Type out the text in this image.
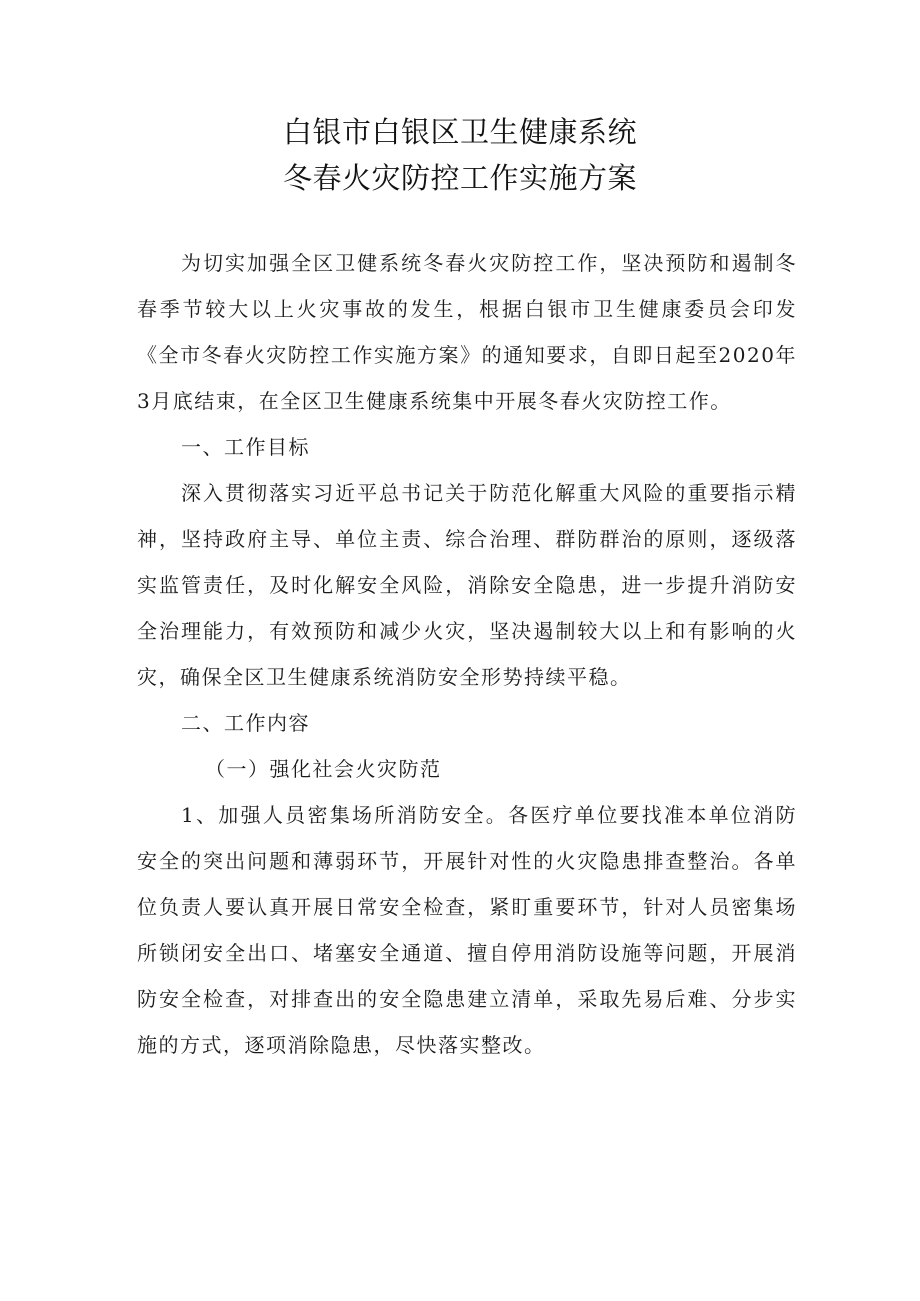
白银市白银区卫生健康系统
冬春火灾防控工作实施方案

为切实加强全区卫健系统冬春火灾防控工作，坚决预防和遏制冬春季节较大以上火灾事故的发生，根据白银市卫生健康委员会印发《全市冬春火灾防控工作实施方案》的通知要求，自即日起至2020年3月底结束，在全区卫生健康系统集中开展冬春火灾防控工作。

一、工作目标

深入贯彻落实习近平总书记关于防范化解重大风险的重要指示精神，坚持政府主导、单位主责、综合治理、群防群治的原则，逐级落实监管责任，及时化解安全风险，消除安全隐患，进一步提升消防安全治理能力，有效预防和减少火灾，坚决遏制较大以上和有影响的火灾，确保全区卫生健康系统消防安全形势持续平稳。

二、工作内容

（一）强化社会火灾防范

1、加强人员密集场所消防安全。各医疗单位要找准本单位消防安全的突出问题和薄弱环节，开展针对性的火灾隐患排查整治。各单位负责人要认真开展日常安全检查，紧盯重要环节，针对人员密集场所锁闭安全出口、堵塞安全通道、擅自停用消防设施等问题，开展消防安全检查，对排查出的安全隐患建立清单，采取先易后难、分步实施的方式，逐项消除隐患，尽快落实整改。
